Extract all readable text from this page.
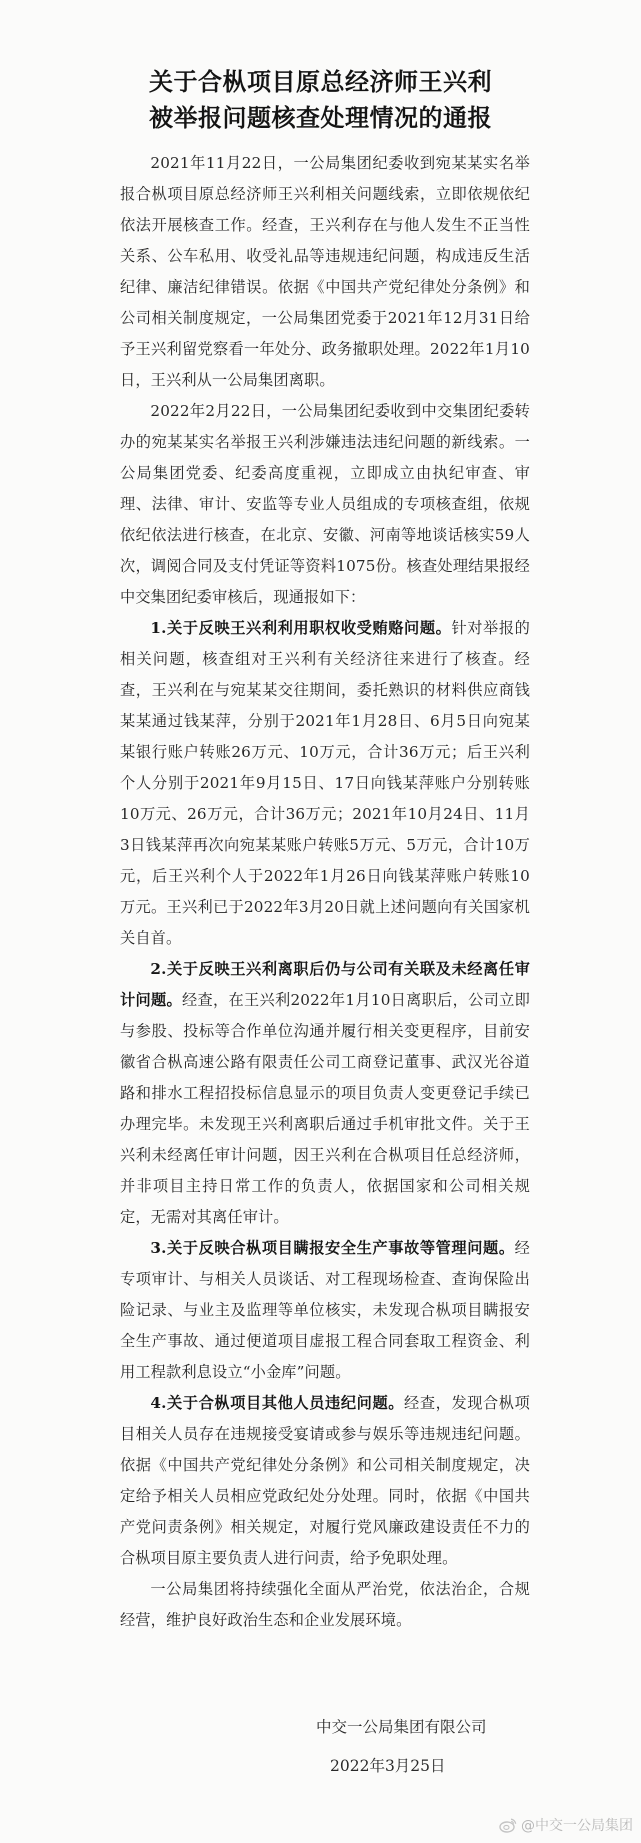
关于合枞项目原总经济师王兴利
被举报问题核查处理情况的通报

2021年11月22日，一公局集团纪委收到宛某某实名举报合枞项目原总经济师王兴利相关问题线索，立即依规依纪依法开展核查工作。经查，王兴利存在与他人发生不正当性关系、公车私用、收受礼品等违规违纪问题，构成违反生活纪律、廉洁纪律错误。依据《中国共产党纪律处分条例》和公司相关制度规定，一公局集团党委于2021年12月31日给予王兴利留党察看一年处分、政务撤职处理。2022年1月10日，王兴利从一公局集团离职。

2022年2月22日，一公局集团纪委收到中交集团纪委转办的宛某某实名举报王兴利涉嫌违法违纪问题的新线索。一公局集团党委、纪委高度重视，立即成立由执纪审查、审理、法律、审计、安监等专业人员组成的专项核查组，依规依纪依法进行核查，在北京、安徽、河南等地谈话核实59人次，调阅合同及支付凭证等资料1075份。核查处理结果报经中交集团纪委审核后，现通报如下：

1.关于反映王兴利利用职权收受贿赂问题。针对举报的相关问题，核查组对王兴利有关经济往来进行了核查。经查，王兴利在与宛某某交往期间，委托熟识的材料供应商钱某某通过钱某萍，分别于2021年1月28日、6月5日向宛某某银行账户转账26万元、10万元，合计36万元；后王兴利个人分别于2021年9月15日、17日向钱某萍账户分别转账10万元、26万元，合计36万元；2021年10月24日、11月3日钱某萍再次向宛某某账户转账5万元、5万元，合计10万元，后王兴利个人于2022年1月26日向钱某萍账户转账10万元。王兴利已于2022年3月20日就上述问题向有关国家机关自首。

2.关于反映王兴利离职后仍与公司有关联及未经离任审计问题。经查，在王兴利2022年1月10日离职后，公司立即与参股、投标等合作单位沟通并履行相关变更程序，目前安徽省合枞高速公路有限责任公司工商登记董事、武汉光谷道路和排水工程招投标信息显示的项目负责人变更登记手续已办理完毕。未发现王兴利离职后通过手机审批文件。关于王兴利未经离任审计问题，因王兴利在合枞项目任总经济师，并非项目主持日常工作的负责人，依据国家和公司相关规定，无需对其离任审计。

3.关于反映合枞项目瞒报安全生产事故等管理问题。经专项审计、与相关人员谈话、对工程现场检查、查询保险出险记录、与业主及监理等单位核实，未发现合枞项目瞒报安全生产事故、通过便道项目虚报工程合同套取工程资金、利用工程款利息设立“小金库”问题。

4.关于合枞项目其他人员违纪问题。经查，发现合枞项目相关人员存在违规接受宴请或参与娱乐等违规违纪问题。依据《中国共产党纪律处分条例》和公司相关制度规定，决定给予相关人员相应党政纪处分处理。同时，依据《中国共产党问责条例》相关规定，对履行党风廉政建设责任不力的合枞项目原主要负责人进行问责，给予免职处理。

一公局集团将持续强化全面从严治党，依法治企，合规经营，维护良好政治生态和企业发展环境。

中交一公局集团有限公司
2022年3月25日
@中交一公局集团
